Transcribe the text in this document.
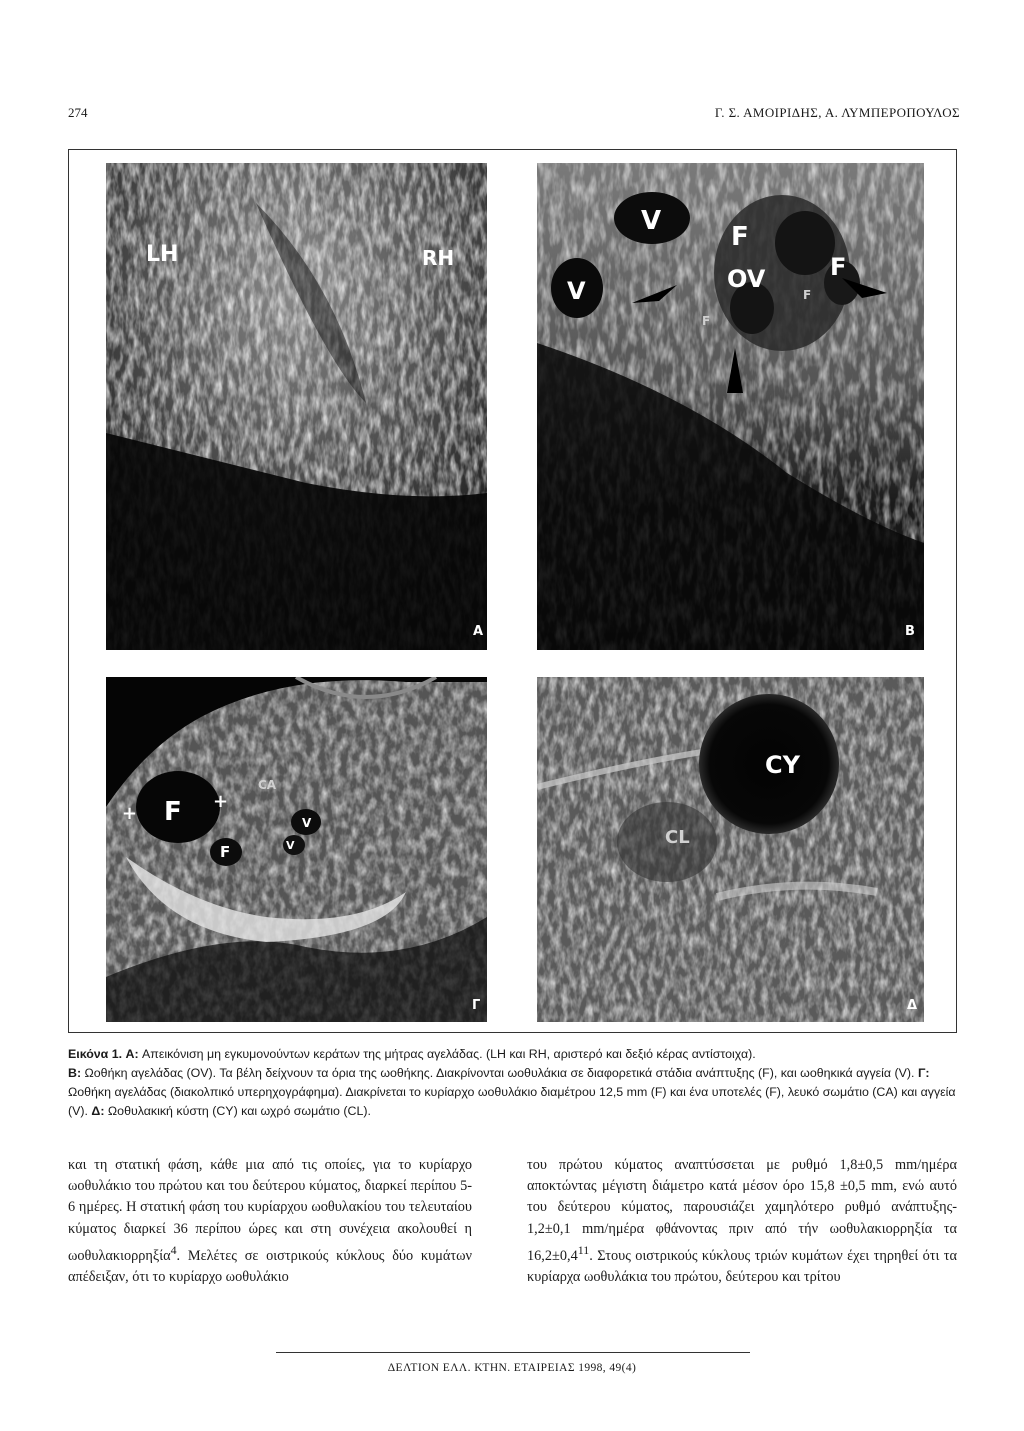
274	Γ. Σ. ΑΜΟΙΡΙΔΗΣ, Α. ΛΥΜΠΕΡΟΠΟΥΛΟΣ
LH	RH
A
V
V
F
OV	F
F
F
B
F
+
+
CA
V
V
F
Γ
CY
CL
Δ

Εικόνα 1. A: Απεικόνιση μη εγκυμονούντων κεράτων της μήτρας αγελάδας. (LH και RH, αριστερό και δεξιό κέρας αντίστοιχα).

B: Ωοθήκη αγελάδας (OV). Τα βέλη δείχνουν τα όρια της ωοθήκης. Διακρίνονται ωοθυλάκια σε διαφορετικά στάδια ανάπτυξης (F), και ωοθηκικά αγγεία (V). Γ: Ωοθήκη αγελάδας (διακολπικό υπερηχογράφημα). Διακρίνεται το κυρίαρχο ωοθυλάκιο διαμέτρου 12,5 mm (F) και ένα υποτελές (F), λευκό σωμάτιο (CA) και αγγεία (V). Δ: Ωοθυλακική κύστη (CY) και ωχρό σωμάτιο (CL).

και τη στατική φάση, κάθε μια από τις οποίες, για το κυρίαρχο ωοθυλάκιο του πρώτου και του δεύτερου κύματος, διαρκεί περίπου 5-6 ημέρες. Η στατική φάση του κυρίαρχου ωοθυλακίου του τελευταίου κύματος διαρκεί 36 περίπου ώρες και στη συνέχεια ακολουθεί η ωοθυλακιορρηξία$^4$. Μελέτες σε οιστρικούς κύκλους δύο κυμάτων απέδειξαν, ότι το κυρίαρχο ωοθυλάκιο
του πρώτου κύματος αναπτύσσεται με ρυθμό 1,8±0,5 mm/ημέρα αποκτώντας μέγιστη διάμετρο κατά μέσον όρο 15,8 ±0,5 mm, ενώ αυτό του δεύτερου κύματος, παρουσιάζει χαμηλότερο ρυθμό ανάπτυξης- 1,2±0,1 mm/ημέρα φθάνοντας πριν από τήν ωοθυλακιορρηξία τα $16,2\pm 0,4^{11}$. Στους οιστρικούς κύκλους τριών κυμάτων έχει τηρηθεί ότι τα κυρίαρχα ωοθυλάκια του πρώτου, δεύτερου και τρίτου
ΔΕΛΤΙΟΝ ΕΛΛ. ΚΤΗΝ. ΕΤΑΙΡΕΙΑΣ 1998, 49(4)
